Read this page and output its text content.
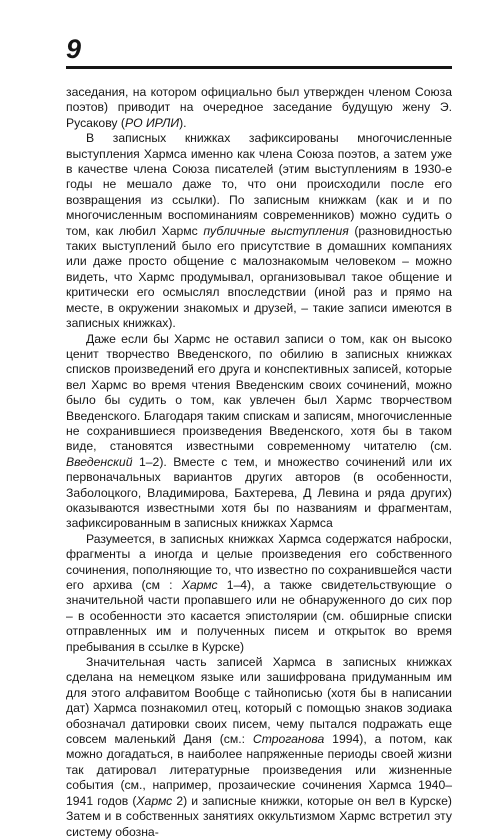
9

заседания, на котором официально был утвержден членом Союза поэтов) приводит на очередное заседание будущую жену Э. Русакову (РО ИРЛИ).

В записных книжках зафиксированы многочисленные выступления Хармса именно как члена Союза поэтов, а затем уже в качестве члена Союза писателей (этим выступлениям в 1930-е годы не мешало даже то, что они происходили после его возвращения из ссылки). По записным книжкам (как и и по многочисленным воспоминаниям современников) можно судить о том, как любил Хармс публичные выступления (разновидностью таких выступлений было его присутствие в домашних компаниях или даже просто общение с малознакомым человеком – можно видеть, что Хармс продумывал, организовывал такое общение и критически его осмыслял впоследствии (иной раз и прямо на месте, в окружении знакомых и друзей, – такие записи имеются в записных книжках).

Даже если бы Хармс не оставил записи о том, как он высоко ценит творчество Введенского, по обилию в записных книжках списков произведений его друга и конспективных записей, которые вел Хармс во время чтения Введенским своих сочинений, можно было бы судить о том, как увлечен был Хармс творчеством Введенского. Благодаря таким спискам и записям, многочисленные не сохранившиеся произведения Введенского, хотя бы в таком виде, становятся известными современному читателю (см. Введенский 1–2). Вместе с тем, и множество сочинений или их первоначальных вариантов других авторов (в особенности, Заболоцкого, Владимирова, Бахтерева, Д Левина и ряда других) оказываются известными хотя бы по названиям и фрагментам, зафиксированным в записных книжках Хармса

Разумеется, в записных книжках Хармса содержатся наброски, фрагменты а иногда и целые произведения его собственного сочинения, пополняющие то, что известно по сохранившейся части его архива (см : Хармс 1–4), а также свидетельствующие о значительной части пропавшего или не обнаруженного до сих пор – в особенности это касается эпистолярии (см. обширные списки отправленных им и полученных писем и открыток во время пребывания в ссылке в Курске)

Значительная часть записей Хармса в записных книжках сделана на немецком языке или зашифрована придуманным им для этого алфавитом Вообще с тайнописью (хотя бы в написании дат) Хармса познакомил отец, который с помощью знаков зодиака обозначал датировки своих писем, чему пытался подражать еще совсем маленький Даня (см.: Строганова 1994), а потом, как можно догадаться, в наиболее напряженные периоды своей жизни так датировал литературные произведения или жизненные события (см., например, прозаические сочинения Хармса 1940–1941 годов (Хармс 2) и записные книжки, которые он вел в Курске) Затем и в собственных занятиях оккультизмом Хармс встретил эту систему обозна-
